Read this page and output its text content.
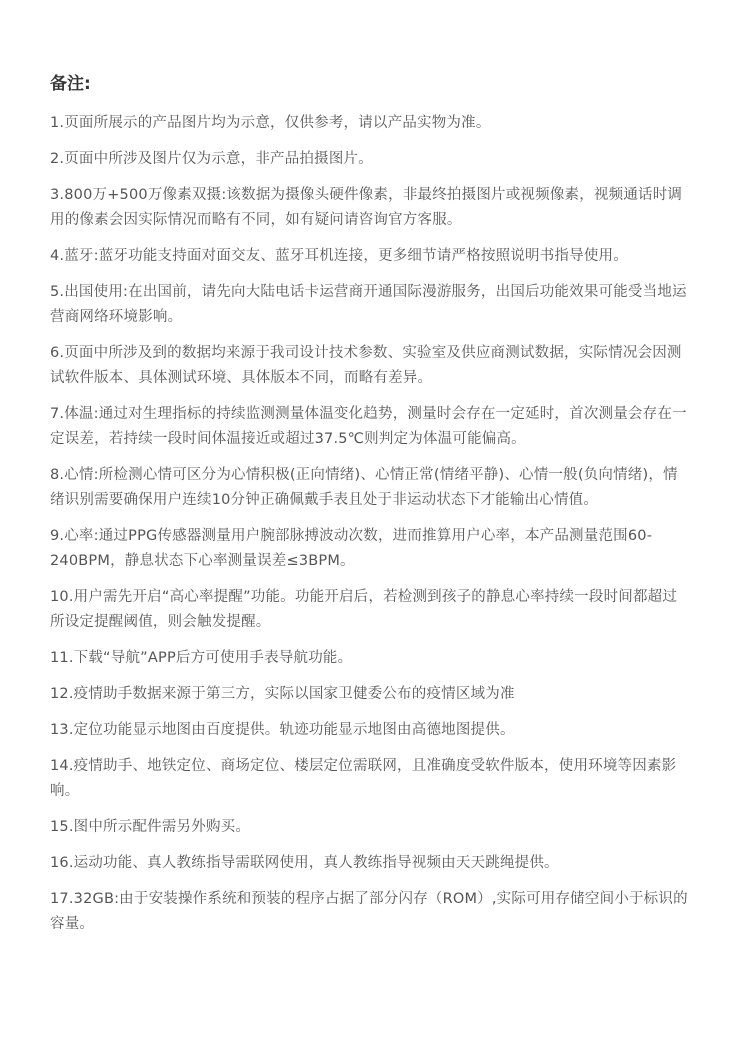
备注:
1.页面所展示的产品图片均为示意，仅供参考，请以产品实物为准。
2.页面中所涉及图片仅为示意，非产品拍摄图片。
3.800万+500万像素双摄:该数据为摄像头硬件像素，非最终拍摄图片或视频像素，视频通话时调用的像素会因实际情况而略有不同，如有疑问请咨询官方客服。
4.蓝牙:蓝牙功能支持面对面交友、蓝牙耳机连接，更多细节请严格按照说明书指导使用。
5.出国使用:在出国前，请先向大陆电话卡运营商开通国际漫游服务，出国后功能效果可能受当地运营商网络环境影响。
6.页面中所涉及到的数据均来源于我司设计技术参数、实验室及供应商测试数据，实际情况会因测试软件版本、具体测试环境、具体版本不同，而略有差异。
7.体温:通过对生理指标的持续监测测量体温变化趋势，测量时会存在一定延时，首次测量会存在一定误差，若持续一段时间体温接近或超过37.5℃则判定为体温可能偏高。
8.心情:所检测心情可区分为心情积极(正向情绪)、心情正常(情绪平静)、心情一般(负向情绪)，情绪识别需要确保用户连续10分钟正确佩戴手表且处于非运动状态下才能输出心情值。
9.心率:通过PPG传感器测量用户腕部脉搏波动次数，进而推算用户心率，本产品测量范围60-240BPM，静息状态下心率测量误差≤3BPM。
10.用户需先开启“高心率提醒”功能。功能开启后，若检测到孩子的静息心率持续一段时间都超过所设定提醒阈值，则会触发提醒。
11.下载“导航”APP后方可使用手表导航功能。
12.疫情助手数据来源于第三方，实际以国家卫健委公布的疫情区域为准
13.定位功能显示地图由百度提供。轨迹功能显示地图由高德地图提供。
14.疫情助手、地铁定位、商场定位、楼层定位需联网，且准确度受软件版本，使用环境等因素影响。
15.图中所示配件需另外购买。
16.运动功能、真人教练指导需联网使用，真人教练指导视频由天天跳绳提供。
17.32GB:由于安装操作系统和预装的程序占据了部分闪存（ROM）,实际可用存储空间小于标识的容量。
